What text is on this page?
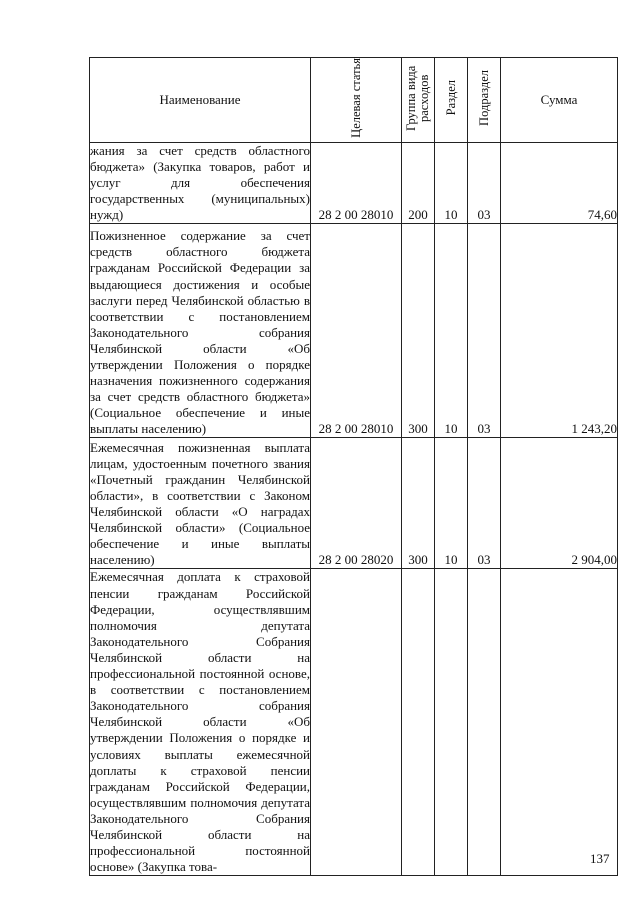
Наименование	Целевая статья	Группа вида расходов	Раздел	Подраздел	Сумма
жания за счет средств областного бюджета» (Закупка товаров, работ и услуг для обеспечения государственных (муниципальных) нужд)	28 2 00 28010	200	10	03	74,60
Пожизненное содержание за счет средств областного бюджета гражданам Российской Федерации за выдающиеся достижения и особые заслуги перед Челябинской областью в соответствии с постановлением Законодательного собрания Челябинской области «Об утверждении Положения о порядке назначения пожизненного содержания за счет средств областного бюджета» (Социальное обеспечение и иные выплаты населению)	28 2 00 28010	300	10	03	1 243,20
Ежемесячная пожизненная выплата лицам, удостоенным почетного звания «Почетный гражданин Челябинской области», в соответствии с Законом Челябинской области «О наградах Челябинской области» (Социальное обеспечение и иные выплаты населению)	28 2 00 28020	300	10	03	2 904,00
Ежемесячная доплата к страховой пенсии гражданам Российской Федерации, осуществлявшим полномочия депутата Законодательного Собрания Челябинской области на профессиональной постоянной основе, в соответствии с постановлением Законодательного собрания Челябинской области «Об утверждении Положения о порядке и условиях выплаты ежемесячной доплаты к страховой пенсии гражданам Российской Федерации, осуществлявшим полномочия депутата Законодательного Собрания Челябинской области на профессиональной постоянной основе» (Закупка това-					
137
